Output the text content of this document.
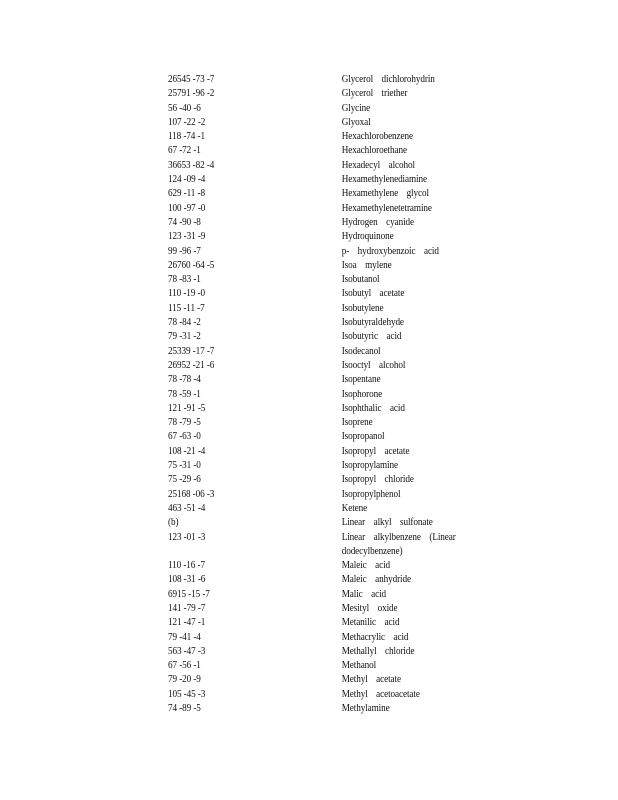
26545 -73 -7	Glycerol dichlorohydrin
25791 -96 -2	Glycerol triether
56 -40 -6	Glycine
107 -22 -2	Glyoxal
118 -74 -1	Hexachlorobenzene
67 -72 -1	Hexachloroethane
36653 -82 -4	Hexadecyl alcohol
124 -09 -4	Hexamethylenediamine
629 -11 -8	Hexamethylene glycol
100 -97 -0	Hexamethylenetetramine
74 -90 -8	Hydrogen cyanide
123 -31 -9	Hydroquinone
99 -96 -7	p- hydroxybenzoic acid
26760 -64 -5	Isoa mylene
78 -83 -1	Isobutanol
110 -19 -0	Isobutyl acetate
115 -11 -7	Isobutylene
78 -84 -2	Isobutyraldehyde
79 -31 -2	Isobutyric acid
25339 -17 -7	Isodecanol
26952 -21 -6	Isooctyl alcohol
78 -78 -4	Isopentane
78 -59 -1	Isophorone
121 -91 -5	Isophthalic acid
78 -79 -5	Isoprene
67 -63 -0	Isopropanol
108 -21 -4	Isopropyl acetate
75 -31 -0	Isopropylamine
75 -29 -6	Isopropyl chloride
25168 -06 -3	Isopropylphenol
463 -51 -4	Ketene
(b)	Linear alkyl sulfonate
123 -01 -3	Linear alkylbenzene (Linear dodecylbenzene)
110 -16 -7	Maleic acid
108 -31 -6	Maleic anhydride
6915 -15 -7	Malic acid
141 -79 -7	Mesityl oxide
121 -47 -1	Metanilic acid
79 -41 -4	Methacrylic acid
563 -47 -3	Methallyl chloride
67 -56 -1	Methanol
79 -20 -9	Methyl acetate
105 -45 -3	Methyl acetoacetate
74 -89 -5	Methylamine
